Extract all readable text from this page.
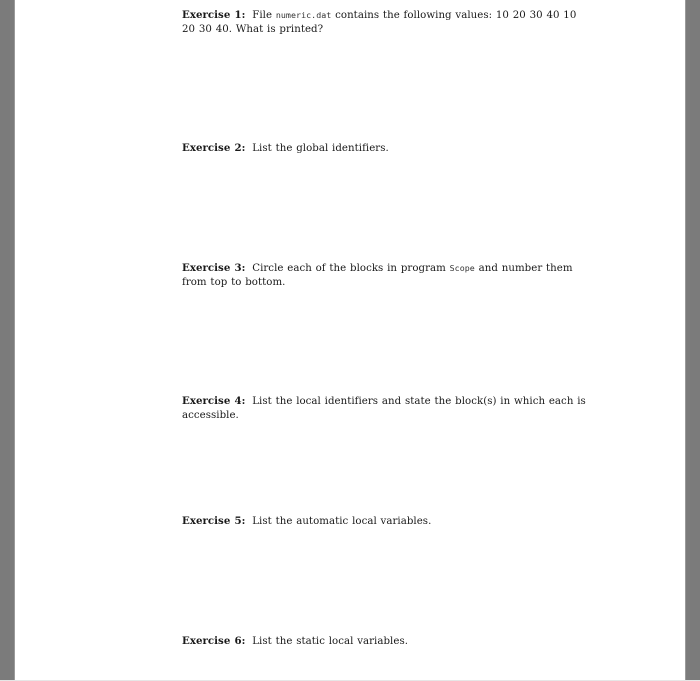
Exercise 1: File numeric.dat contains the following values: 10 20 30 40 10 20 30 40. What is printed?
Exercise 2: List the global identifiers.
Exercise 3: Circle each of the blocks in program Scope and number them from top to bottom.
Exercise 4: List the local identifiers and state the block(s) in which each is accessible.
Exercise 5: List the automatic local variables.
Exercise 6: List the static local variables.
